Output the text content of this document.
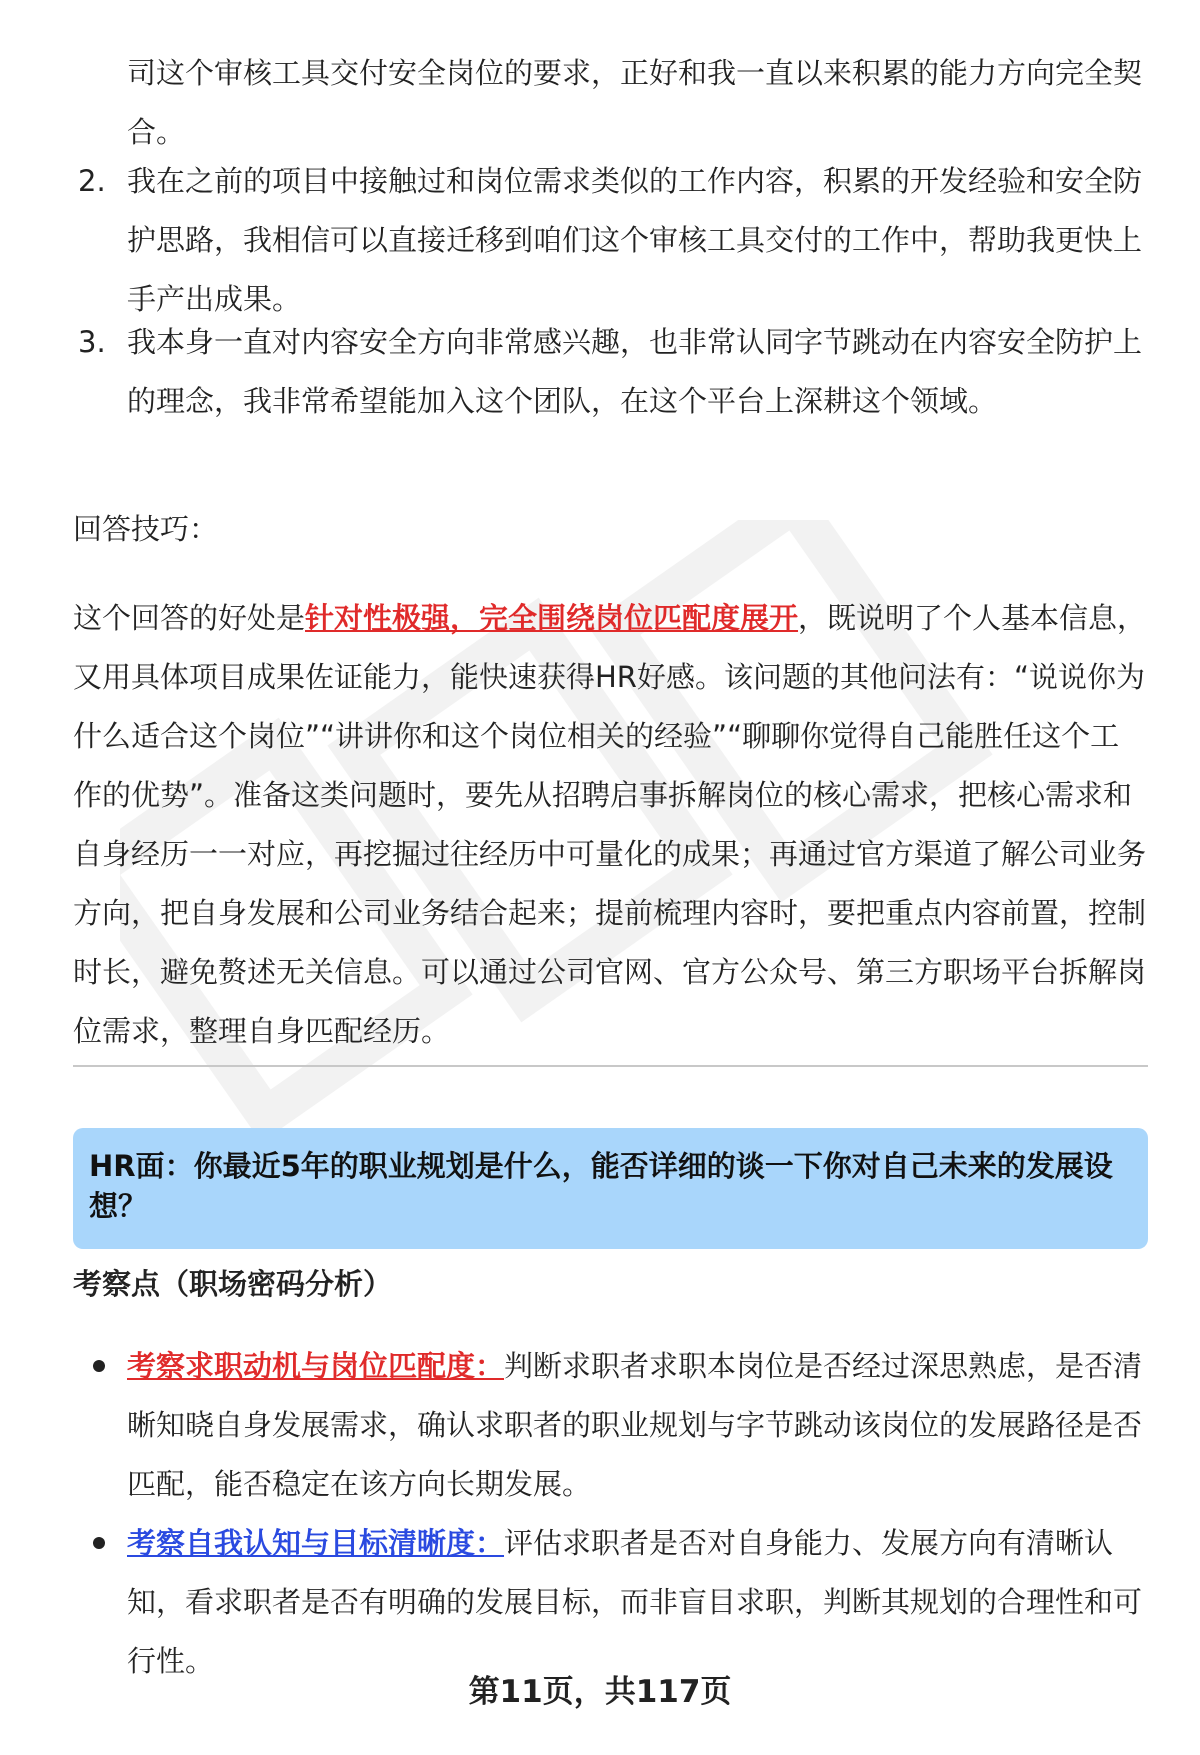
司这个审核工具交付安全岗位的要求，正好和我一直以来积累的能力方向完全契合。

2. 我在之前的项目中接触过和岗位需求类似的工作内容，积累的开发经验和安全防护思路，我相信可以直接迁移到咱们这个审核工具交付的工作中，帮助我更快上手产出成果。

3. 我本身一直对内容安全方向非常感兴趣，也非常认同字节跳动在内容安全防护上的理念，我非常希望能加入这个团队，在这个平台上深耕这个领域。

回答技巧：

这个回答的好处是针对性极强，完全围绕岗位匹配度展开，既说明了个人基本信息，又用具体项目成果佐证能力，能快速获得HR好感。该问题的其他问法有：“说说你为什么适合这个岗位”“讲讲你和这个岗位相关的经验”“聊聊你觉得自己能胜任这个工作的优势”。准备这类问题时，要先从招聘启事拆解岗位的核心需求，把核心需求和自身经历一一对应，再挖掘过往经历中可量化的成果；再通过官方渠道了解公司业务方向，把自身发展和公司业务结合起来；提前梳理内容时，要把重点内容前置，控制时长，避免赘述无关信息。可以通过公司官网、官方公众号、第三方职场平台拆解岗位需求，整理自身匹配经历。

HR面：你最近5年的职业规划是什么，能否详细的谈一下你对自己未来的发展设想？

考察点（职场密码分析）

考察求职动机与岗位匹配度：判断求职者求职本岗位是否经过深思熟虑，是否清晰知晓自身发展需求，确认求职者的职业规划与字节跳动该岗位的发展路径是否匹配，能否稳定在该方向长期发展。

考察自我认知与目标清晰度：评估求职者是否对自身能力、发展方向有清晰认知，看求职者是否有明确的发展目标，而非盲目求职，判断其规划的合理性和可行性。

第11页，共117页
